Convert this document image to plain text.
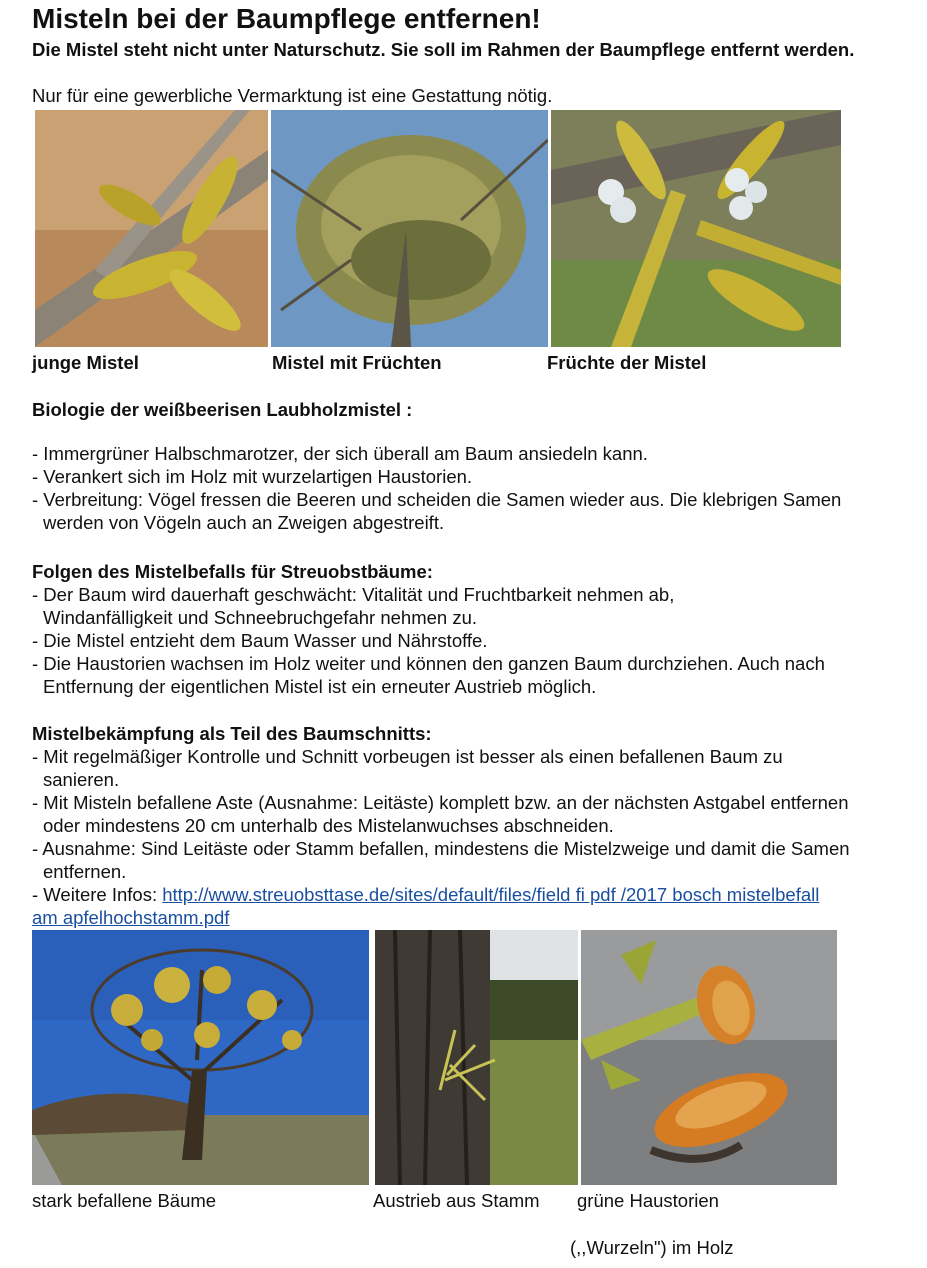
Misteln bei der Baumpflege entfernen!

Die Mistel steht nicht unter Naturschutz. Sie soll im Rahmen der Baumpflege entfernt werden.

Nur für eine gewerbliche Vermarktung ist eine Gestattung nötig.

junge Mistel	Mistel mit Früchten	Früchte der Mistel
Biologie der weißbeerisen Laubholzmistel :
- Immergrüner Halbschmarotzer, der sich überall am Baum ansiedeln kann.
- Verankert sich im Holz mit wurzelartigen Haustorien.
- Verbreitung: Vögel fressen die Beeren und scheiden die Samen wieder aus. Die klebrigen Samen werden von Vögeln auch an Zweigen abgestreift.
Folgen des Mistelbefalls für Streuobstbäume:
- Der Baum wird dauerhaft geschwächt: Vitalität und Fruchtbarkeit nehmen ab, Windanfälligkeit und Schneebruchgefahr nehmen zu.
- Die Mistel entzieht dem Baum Wasser und Nährstoffe.
- Die Haustorien wachsen im Holz weiter und können den ganzen Baum durchziehen. Auch nach Entfernung der eigentlichen Mistel ist ein erneuter Austrieb möglich.
Mistelbekämpfung als Teil des Baumschnitts:
- Mit regelmäßiger Kontrolle und Schnitt vorbeugen ist besser als einen befallenen Baum zu sanieren.
- Mit Misteln befallene Aste (Ausnahme: Leitäste) komplett bzw. an der nächsten Astgabel entfernen oder mindestens 20 cm unterhalb des Mistelanwuchses abschneiden.
- Ausnahme: Sind Leitäste oder Stamm befallen, mindestens die Mistelzweige und damit die Samen entfernen.
- Weitere Infos: http://www.streuobsttase.de/sites/default/files/field fi pdf /2017 bosch mistelbefall am apfelhochstamm.pdf
stark befallene Bäume	Austrieb aus Stamm grüne Haustorien
(,,Wurzeln") im Holz
